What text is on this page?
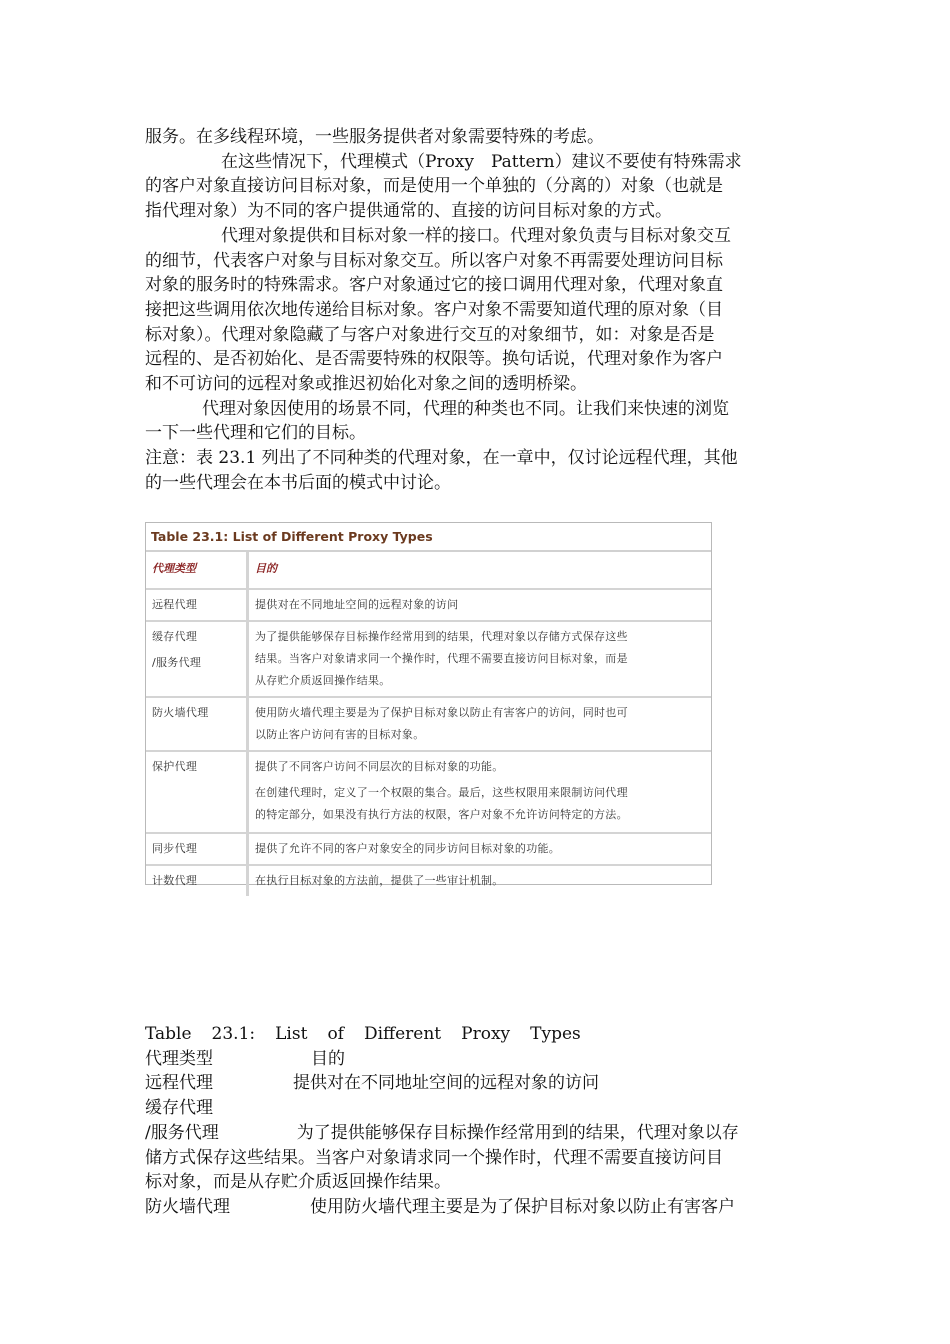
服务。在多线程环境，一些服务提供者对象需要特殊的考虑。

在这些情况下，代理模式（Proxy　Pattern）建议不要使有特殊需求
的客户对象直接访问目标对象，而是使用一个单独的（分离的）对象（也就是
指代理对象）为不同的客户提供通常的、直接的访问目标对象的方式。

代理对象提供和目标对象一样的接口。代理对象负责与目标对象交互
的细节，代表客户对象与目标对象交互。所以客户对象不再需要处理访问目标
对象的服务时的特殊需求。客户对象通过它的接口调用代理对象，代理对象直
接把这些调用依次地传递给目标对象。客户对象不需要知道代理的原对象（目
标对象）。代理对象隐藏了与客户对象进行交互的对象细节，如：对象是否是
远程的、是否初始化、是否需要特殊的权限等。换句话说，代理对象作为客户
和不可访问的远程对象或推迟初始化对象之间的透明桥梁。

代理对象因使用的场景不同，代理的种类也不同。让我们来快速的浏览
一下一些代理和它们的目标。

注意：表 23.1 列出了不同种类的代理对象，在一章中，仅讨论远程代理，其他
的一些代理会在本书后面的模式中讨论。

Table 23.1: List of Different Proxy Types
代理类型	目的
远程代理	提供对在不同地址空间的远程对象的访问

缓存代理
/服务代理	为了提供能够保存目标操作经常用到的结果，代理对象以存储方式保存这些
结果。当客户对象请求同一个操作时，代理不需要直接访问目标对象，而是
从存贮介质返回操作结果。

防火墙代理	使用防火墙代理主要是为了保护目标对象以防止有害客户的访问，同时也可
以防止客户访问有害的目标对象。

保护代理	提供了不同客户访问不同层次的目标对象的功能。
在创建代理时，定义了一个权限的集合。最后，这些权限用来限制访问代理
的特定部分，如果没有执行方法的权限，客户对象不允许访问特定的方法。

同步代理	提供了允许不同的客户对象安全的同步访问目标对象的功能。
计数代理	在执行目标对象的方法前，提供了一些审计机制。
Table 23.1: List of Different Proxy Types
代理类型	目的
远程代理	提供对在不同地址空间的远程对象的访问
缓存代理
/服务代理	为了提供能够保存目标操作经常用到的结果，代理对象以存
储方式保存这些结果。当客户对象请求同一个操作时，代理不需要直接访问目
标对象，而是从存贮介质返回操作结果。
防火墙代理	使用防火墙代理主要是为了保护目标对象以防止有害客户
